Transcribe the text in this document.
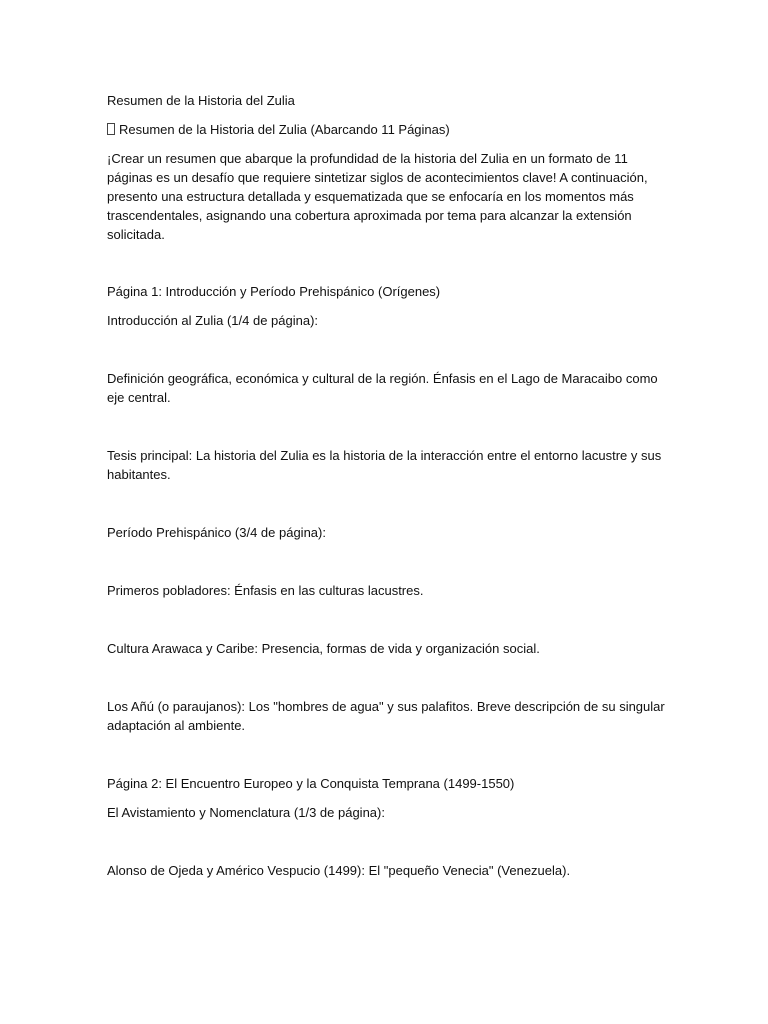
Resumen de la Historia del Zulia

Resumen de la Historia del Zulia (Abarcando 11 Páginas)

¡Crear un resumen que abarque la profundidad de la historia del Zulia en un formato de 11 páginas es un desafío que requiere sintetizar siglos de acontecimientos clave! A continuación, presento una estructura detallada y esquematizada que se enfocaría en los momentos más trascendentales, asignando una cobertura aproximada por tema para alcanzar la extensión solicitada.

Página 1: Introducción y Período Prehispánico (Orígenes)

Introducción al Zulia (1/4 de página):

Definición geográfica, económica y cultural de la región. Énfasis en el Lago de Maracaibo como eje central.

Tesis principal: La historia del Zulia es la historia de la interacción entre el entorno lacustre y sus habitantes.

Período Prehispánico (3/4 de página):

Primeros pobladores: Énfasis en las culturas lacustres.

Cultura Arawaca y Caribe: Presencia, formas de vida y organización social.

Los Añú (o paraujanos): Los "hombres de agua" y sus palafitos. Breve descripción de su singular adaptación al ambiente.

Página 2: El Encuentro Europeo y la Conquista Temprana (1499-1550)

El Avistamiento y Nomenclatura (1/3 de página):

Alonso de Ojeda y Américo Vespucio (1499): El "pequeño Venecia" (Venezuela).
